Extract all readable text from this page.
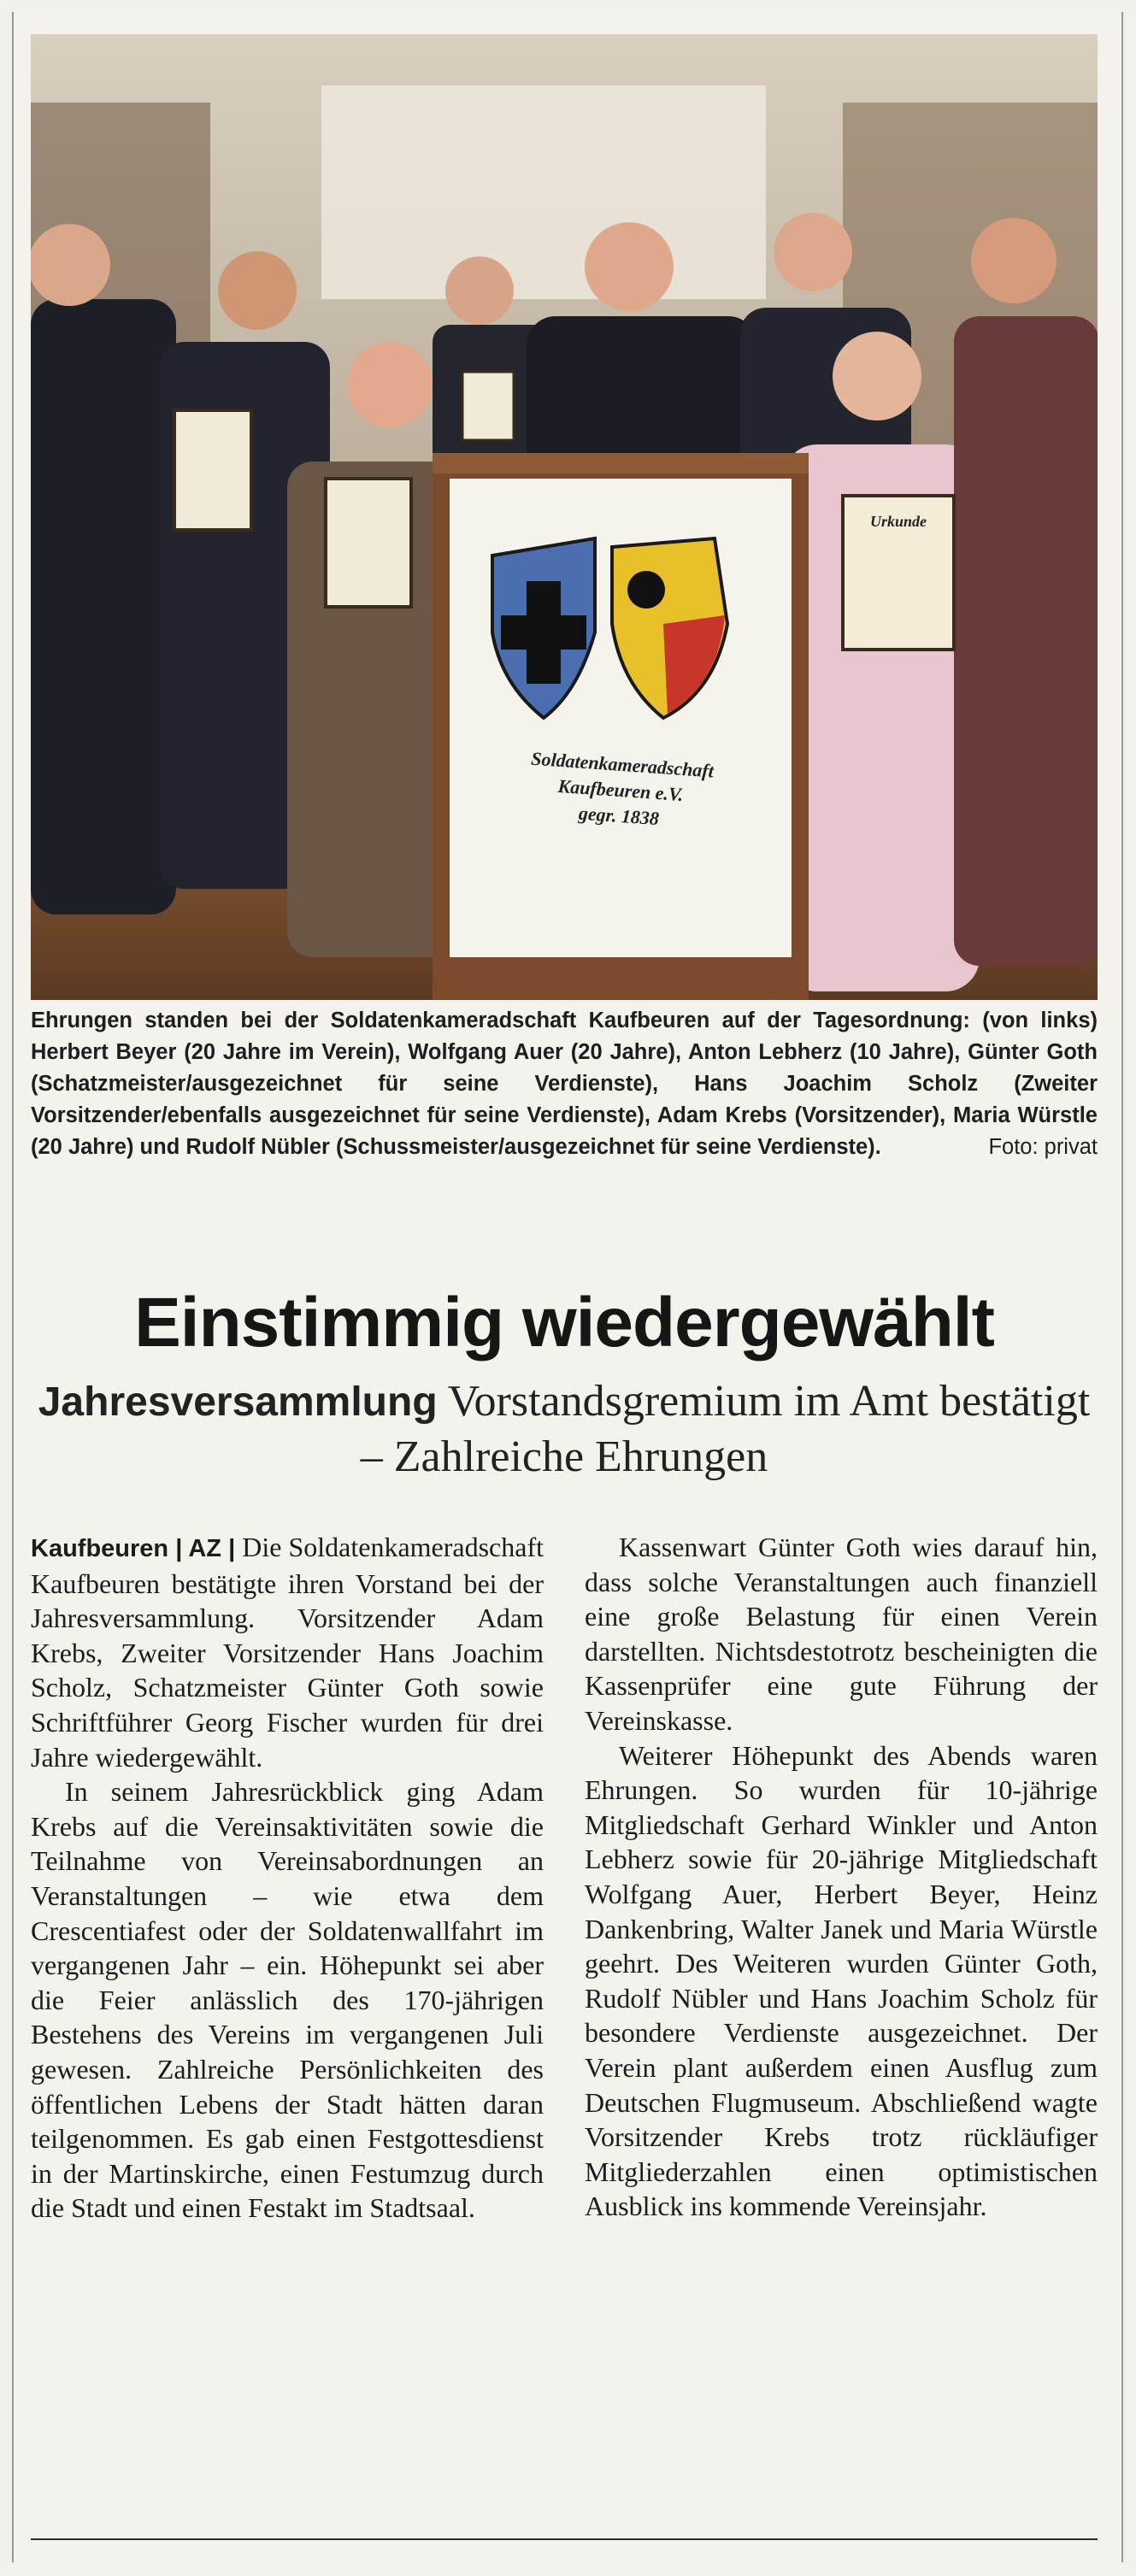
Soldatenkameradschaft
Kaufbeuren e.V.
gegr. 1838
Urkunde
Ehrungen standen bei der Soldatenkameradschaft Kaufbeuren auf der Tagesordnung: (von links) Herbert Beyer (20 Jahre im Verein), Wolfgang Auer (20 Jahre), Anton Lebherz (10 Jahre), Günter Goth (Schatzmeister/ausgezeichnet für seine Verdienste), Hans Joachim Scholz (Zweiter Vorsitzender/ebenfalls ausgezeichnet für seine Verdienste), Adam Krebs (Vorsitzender), Maria Würstle (20 Jahre) und Rudolf Nübler (Schussmeister/ausgezeichnet für seine Verdienste).	Foto: privat
Einstimmig wiedergewählt
Jahresversammlung Vorstandsgremium im Amt bestätigt – Zahlreiche Ehrungen

Kaufbeuren | AZ | Die Soldatenkameradschaft Kaufbeuren bestätigte ihren Vorstand bei der Jahresversammlung. Vorsitzender Adam Krebs, Zweiter Vorsitzender Hans Joachim Scholz, Schatzmeister Günter Goth sowie Schriftführer Georg Fischer wurden für drei Jahre wiedergewählt.

In seinem Jahresrückblick ging Adam Krebs auf die Vereinsaktivitäten sowie die Teilnahme von Vereinsabordnungen an Veranstaltungen – wie etwa dem Crescentiafest oder der Soldatenwallfahrt im vergangenen Jahr – ein. Höhepunkt sei aber die Feier anlässlich des 170-jährigen Bestehens des Vereins im vergangenen Juli gewesen. Zahlreiche Persönlichkeiten des öffentlichen Lebens der Stadt hätten daran teilgenommen. Es gab einen Festgottesdienst in der Martinskirche, einen Festumzug durch die Stadt und einen Festakt im Stadtsaal.

Kassenwart Günter Goth wies darauf hin, dass solche Veranstaltungen auch finanziell eine große Belastung für einen Verein darstellten. Nichtsdestotrotz bescheinigten die Kassenprüfer eine gute Führung der Vereinskasse.

Weiterer Höhepunkt des Abends waren Ehrungen. So wurden für 10-jährige Mitgliedschaft Gerhard Winkler und Anton Lebherz sowie für 20-jährige Mitgliedschaft Wolfgang Auer, Herbert Beyer, Heinz Dankenbring, Walter Janek und Maria Würstle geehrt. Des Weiteren wurden Günter Goth, Rudolf Nübler und Hans Joachim Scholz für besondere Verdienste ausgezeichnet. Der Verein plant außerdem einen Ausflug zum Deutschen Flugmuseum. Abschließend wagte Vorsitzender Krebs trotz rückläufiger Mitgliederzahlen einen optimistischen Ausblick ins kommende Vereinsjahr.
